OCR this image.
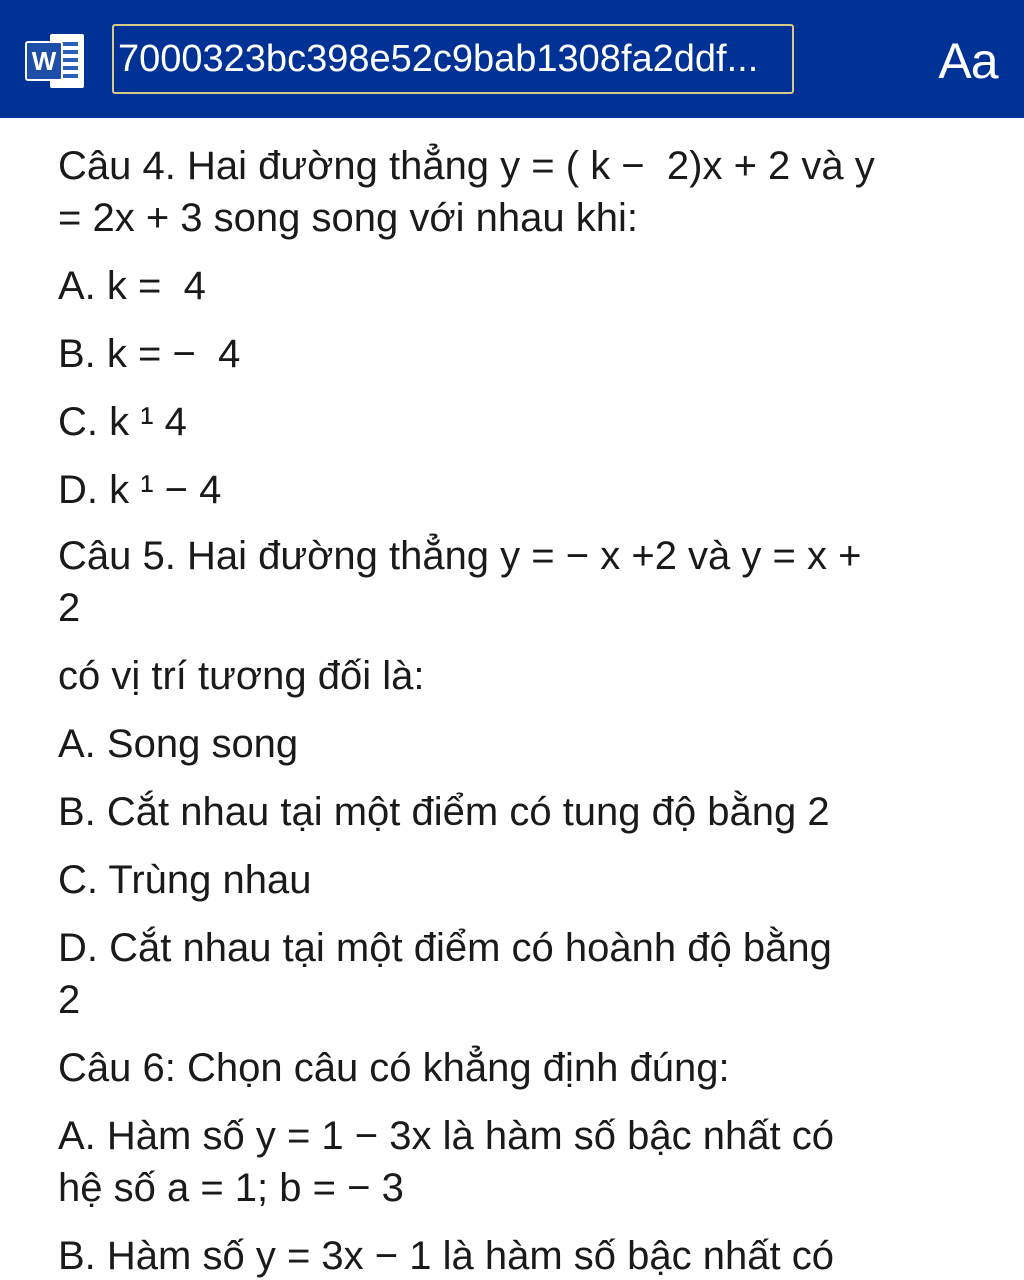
W 7000323bc398e52c9bab1308fa2ddf...	Aa

Câu 4. Hai đường thẳng y = ( k −  2)x + 2 và y

= 2x + 3 song song với nhau khi:

A. k =  4

B. k = −  4

C. k ¹ 4

D. k ¹ − 4

Câu 5. Hai đường thẳng y = − x +2 và y = x +

2

có vị trí tương đối là:

A. Song song

B. Cắt nhau tại một điểm có tung độ bằng 2

C. Trùng nhau

D. Cắt nhau tại một điểm có hoành độ bằng

2

Câu 6: Chọn câu có khẳng định đúng:

A. Hàm số y = 1 − 3x là hàm số bậc nhất có

hệ số a = 1; b = − 3

B. Hàm số y = 3x − 1 là hàm số bậc nhất có
